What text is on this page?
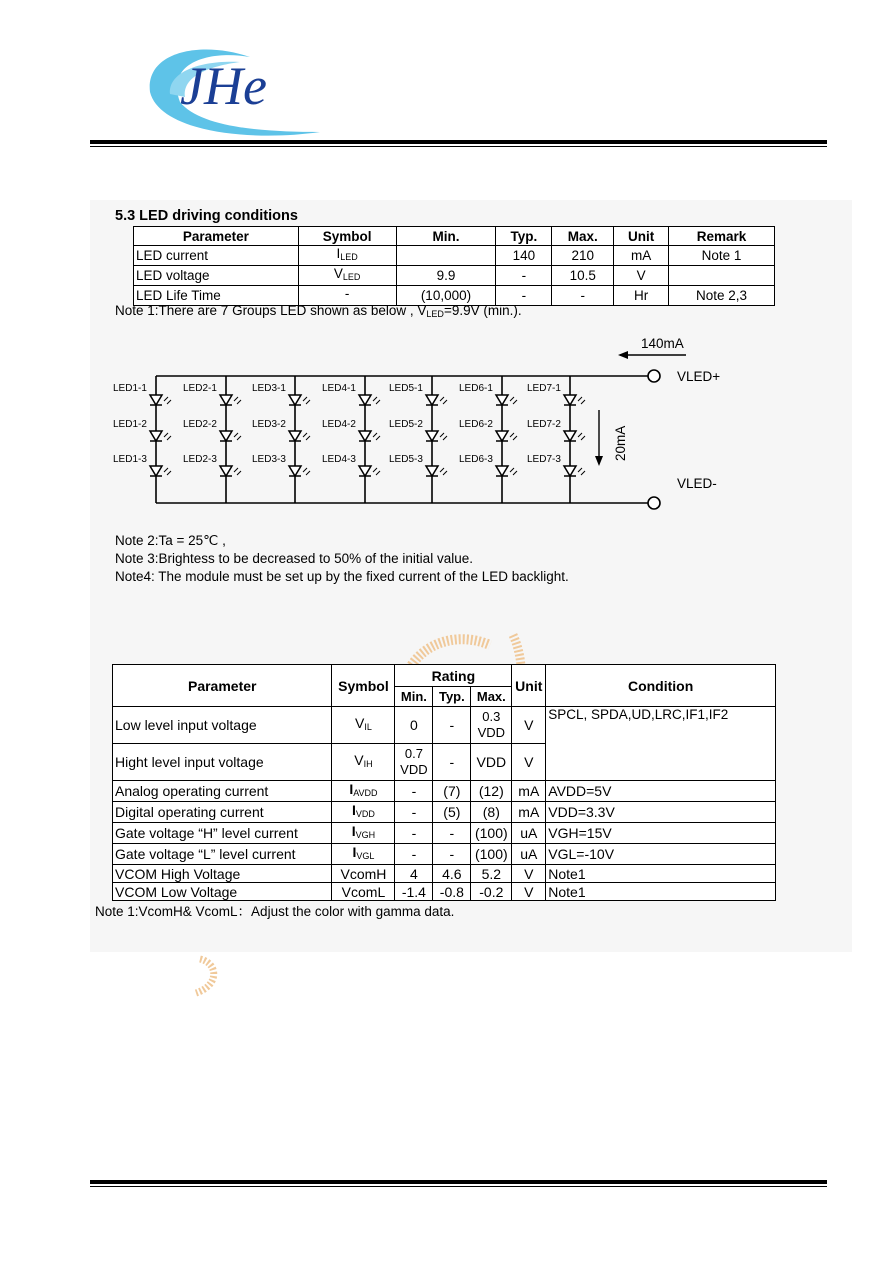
JHe
5.3 LED driving conditions
Parameter	Symbol	Min.	Typ.	Max.	Unit	Remark
LED current	$I_{LED}$		140	210	mA	Note 1
LED voltage	$V_{LED}$	9.9	-	10.5	V	
LED Life Time	-	(10,000)	-	-	Hr	Note 2,3
Note 1:There are 7 Groups LED shown as below , $V_{LED}=9.9V$ (min.).
VLED+
VLED-
140mA
20mA
LED1-1
LED1-2
LED1-3
LED2-1
LED2-2
LED2-3
LED3-1
LED3-2
LED3-3
LED4-1
LED4-2
LED4-3
LED5-1
LED5-2
LED5-3
LED6-1
LED6-2
LED6-3
LED7-1
LED7-2
LED7-3
Note 2:Ta = 25℃ ,
Note 3:Brightess to be decreased to 50% of the initial value.
Note4: The module must be set up by the fixed current of the LED backlight.
Parameter	Symbol	Rating			Unit	Condition
		Min.	Typ.	Max.		
Low level input voltage	$V_{IL}$	0	-	0.3 VDD	V	SPCL, SPDA,UD,LRC,IF1,IF2
Hight level input voltage	$V_{IH}$	0.7 VDD	-	VDD	V	
Analog operating current	$I_{AVDD}$	-	(7)	(12)	mA	AVDD=5V
Digital operating current	$I_{VDD}$	-	(5)	(8)	mA	VDD=3.3V
Gate voltage “H” level current	$I_{VGH}$	-	-	(100)	uA	VGH=15V
Gate voltage “L” level current	$I_{VGL}$	-	-	(100)	uA	VGL=-10V
VCOM High Voltage	VcomH	4	4.6	5.2	V	Note1
VCOM Low Voltage	VcomL	-1.4	-0.8	-0.2	V	Note1
Note 1:VcomH& VcomL：Adjust the color with gamma data.
